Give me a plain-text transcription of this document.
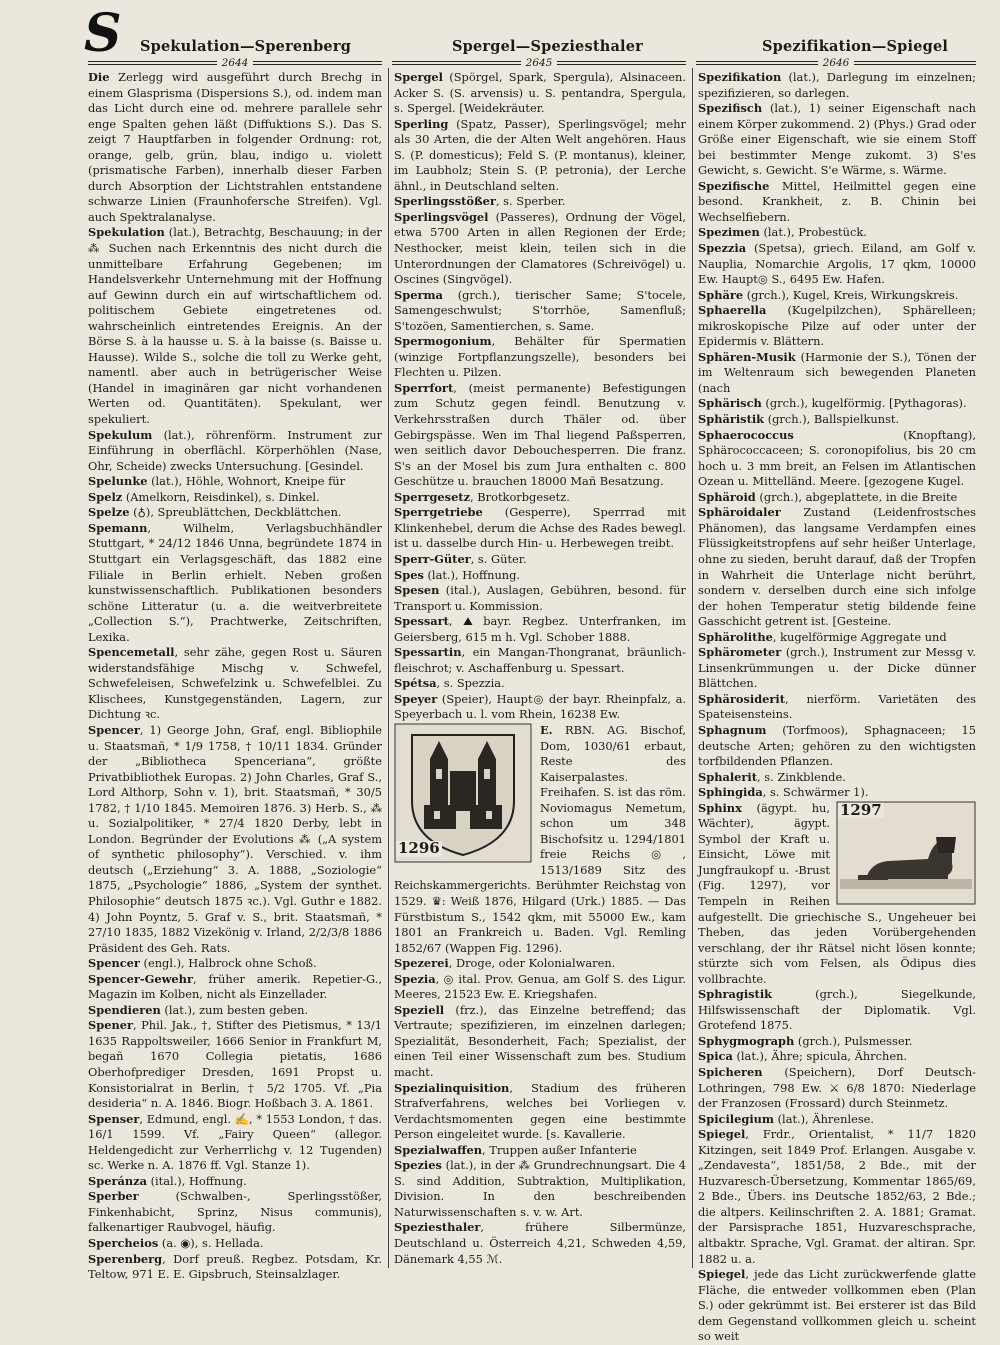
S Spekulation—Sperenberg	Spergel—Speziesthaler	Spezifikation—Spiegel
2644	2645	2646

Die Zerlegg wird ausgeführt durch Brechg in einem Glasprisma (Dispersions S.), od. indem man das Licht durch eine od. mehrere parallele sehr enge Spalten gehen läßt (Diffuktions S.). Das S. zeigt 7 Hauptfarben in folgender Ordnung: rot, orange, gelb, grün, blau, indigo u. violett (prismatische Farben), innerhalb dieser Farben durch Absorption der Lichtstrahlen entstandene schwarze Linien (Fraunhofersche Streifen). Vgl. auch Spektralanalyse.

Spekulation (lat.), Betrachtg, Beschauung; in der ⁂ Suchen nach Erkenntnis des nicht durch die unmittelbare Erfahrung Gegebenen; im Handelsverkehr Unternehmung mit der Hoffnung auf Gewinn durch ein auf wirtschaftlichem od. politischem Gebiete eingetretenes od. wahrscheinlich eintretendes Ereignis. An der Börse S. à la hausse u. S. à la baisse (s. Baisse u. Hausse). Wilde S., solche die toll zu Werke geht, namentl. aber auch in betrügerischer Weise (Handel in imaginären gar nicht vorhandenen Werten od. Quantitäten). Spekulant, wer spekuliert.

Spekulum (lat.), röhrenförm. Instrument zur Einführung in oberflächl. Körperhöhlen (Nase, Ohr, Scheide) zwecks Untersuchung. [Gesindel.

Spelunke (lat.), Höhle, Wohnort, Kneipe für

Spelz (Amelkorn, Reisdinkel), s. Dinkel.

Spelze (♁), Spreublättchen, Deckblättchen.

Spemann, Wilhelm, Verlagsbuchhändler Stuttgart, * 24/12 1846 Unna, begründete 1874 in Stuttgart ein Verlagsgeschäft, das 1882 eine Filiale in Berlin erhielt. Neben großen kunstwissenschaftlich. Publikationen besonders schöne Litteratur (u. a. die weitverbreitete „Collection S.“), Prachtwerke, Zeitschriften, Lexika.

Spencemetall, sehr zähe, gegen Rost u. Säuren widerstandsfähige Mischg v. Schwefel, Schwefeleisen, Schwefelzink u. Schwefelblei. Zu Klischees, Kunstgegenständen, Lagern, zur Dichtung ꝛc.

Spencer, 1) George John, Graf, engl. Bibliophile u. Staatsmañ, * 1/9 1758, † 10/11 1834. Gründer der „Bibliotheca Spenceriana“, größte Privatbibliothek Europas. 2) John Charles, Graf S., Lord Althorp, Sohn v. 1), brit. Staatsmañ, * 30/5 1782, † 1/10 1845. Memoiren 1876. 3) Herb. S., ⁂ u. Sozialpolitiker, * 27/4 1820 Derby, lebt in London. Begründer der Evolutions ⁂ („A system of synthetic philosophy“). Verschied. v. ihm deutsch („Erziehung“ 3. A. 1888, „Soziologie“ 1875, „Psychologie“ 1886, „System der synthet. Philosophie“ deutsch 1875 ꝛc.). Vgl. Guthr e 1882. 4) John Poyntz, 5. Graf v. S., brit. Staatsmañ, * 27/10 1835, 1882 Vizekönig v. Irland, 2/2/3/8 1886 Präsident des Geh. Rats.

Spencer (engl.), Halbrock ohne Schoß.

Spencer-Gewehr, früher amerik. Repetier-G., Magazin im Kolben, nicht als Einzellader.

Spendieren (lat.), zum besten geben.

Spener, Phil. Jak., †, Stifter des Pietismus, * 13/1 1635 Rappoltsweiler, 1666 Senior in Frankfurt M, begañ 1670 Collegia pietatis, 1686 Oberhofprediger Dresden, 1691 Propst u. Konsistorialrat in Berlin, † 5/2 1705. Vf. „Pia desideria“ n. A. 1846. Biogr. Hoßbach 3. A. 1861.

Spenser, Edmund, engl. ✍, * 1553 London, † das. 16/1 1599. Vf. „Fairy Queen“ (allegor. Heldengedicht zur Verherrlichg v. 12 Tugenden) sc. Werke n. A. 1876 ff. Vgl. Stanze 1).

Speránza (ital.), Hoffnung.

Sperber (Schwalben-, Sperlingsstößer, Finkenhabicht, Sprinz, Nisus communis), falkenartiger Raubvogel, häufig.

Spercheios (a. ◉), s. Hellada.

Sperenberg, Dorf preuß. Regbez. Potsdam, Kr. Teltow, 971 E. E. Gipsbruch, Steinsalzlager.

Spergel (Spörgel, Spark, Spergula), Alsinaceen. Acker S. (S. arvensis) u. S. pentandra, Spergula, s. Spergel. [Weidekräuter.

Sperling (Spatz, Passer), Sperlingsvögel; mehr als 30 Arten, die der Alten Welt angehören. Haus S. (P. domesticus); Feld S. (P. montanus), kleiner, im Laubholz; Stein S. (P. petronia), der Lerche ähnl., in Deutschland selten.

Sperlingsstößer, s. Sperber.

Sperlingsvögel (Passeres), Ordnung der Vögel, etwa 5700 Arten in allen Regionen der Erde; Nesthocker, meist klein, teilen sich in die Unterordnungen der Clamatores (Schreivögel) u. Oscines (Singvögel).

Sperma (grch.), tierischer Same; S'tocele, Samengeschwulst; S'torrhöe, Samenfluß; S'tozöen, Samentierchen, s. Same.

Spermogonium, Behälter für Spermatien (winzige Fortpflanzungszelle), besonders bei Flechten u. Pilzen.

Sperrfort, (meist permanente) Befestigungen zum Schutz gegen feindl. Benutzung v. Verkehrsstraßen durch Thäler od. über Gebirgspässe. Wen im Thal liegend Paßsperren, wen seitlich davor Debouchesperren. Die franz. S's an der Mosel bis zum Jura enthalten c. 800 Geschütze u. brauchen 18000 Mañ Besatzung.

Sperrgesetz, Brotkorbgesetz.

Sperrgetriebe (Gesperre), Sperrrad mit Klinkenhebel, derum die Achse des Rades bewegl. ist u. dasselbe durch Hin- u. Herbewegen treibt.

Sperr-Güter, s. Güter.

Spes (lat.), Hoffnung.

Spesen (ital.), Auslagen, Gebühren, besond. für Transport u. Kommission.

Spessart, ⛰ bayr. Regbez. Unterfranken, im Geiersberg, 615 m h. Vgl. Schober 1888.

Spessartin, ein Mangan-Thongranat, bräunlich-fleischrot; v. Aschaffenburg u. Spessart.

Spétsa, s. Spezzia.

Speyer (Speier), Haupt◎ der bayr. Rheinpfalz, a. Speyerbach u. l. vom Rhein, 16238 Ew.

1296

E. RBN. AG. Bischof, Dom, 1030/61 erbaut, Reste des Kaiserpalastes. Freihafen. S. ist das röm. Noviomagus Nemetum, schon um 348 Bischofsitz u. 1294/1801 freie Reichs◎, 1513/1689 Sitz des Reichskammergerichts. Berühmter Reichstag von 1529. ♛: Weiß 1876, Hilgard (Urk.) 1885. — Das Fürstbistum S., 1542 qkm, mit 55000 Ew., kam 1801 an Frankreich u. Baden. Vgl. Remling 1852/67 (Wappen Fig. 1296).

Spezerei, Droge, oder Kolonialwaren.

Spezia, ◎ ital. Prov. Genua, am Golf S. des Ligur. Meeres, 21523 Ew. E. Kriegshafen.

Speziell (frz.), das Einzelne betreffend; das Vertraute; spezifizieren, im einzelnen darlegen; Spezialität, Besonderheit, Fach; Spezialist, der einen Teil einer Wissenschaft zum bes. Studium macht.

Spezialinquisition, Stadium des früheren Strafverfahrens, welches bei Vorliegen v. Verdachtsmomenten gegen eine bestimmte Person eingeleitet wurde. [s. Kavallerie.

Spezialwaffen, Truppen außer Infanterie

Spezies (lat.), in der ⁂ Grundrechnungsart. Die 4 S. sind Addition, Subtraktion, Multiplikation, Division. In den beschreibenden Naturwissenschaften s. v. w. Art.

Speziesthaler, frühere Silbermünze, Deutschland u. Österreich 4,21, Schweden 4,59, Dänemark 4,55 ℳ.

Spezifikation (lat.), Darlegung im einzelnen; spezifizieren, so darlegen.

Spezifisch (lat.), 1) seiner Eigenschaft nach einem Körper zukommend. 2) (Phys.) Grad oder Größe einer Eigenschaft, wie sie einem Stoff bei bestimmter Menge zukomt. 3) S'es Gewicht, s. Gewicht. S'e Wärme, s. Wärme.

Spezifische Mittel, Heilmittel gegen eine besond. Krankheit, z. B. Chinin bei Wechselfiebern.

Spezimen (lat.), Probestück.

Spezzia (Spetsa), griech. Eiland, am Golf v. Nauplia, Nomarchie Argolis, 17 qkm, 10000 Ew. Haupt◎ S., 6495 Ew. Hafen.

Sphäre (grch.), Kugel, Kreis, Wirkungskreis.

Sphaerella (Kugelpilzchen), Sphärelleen; mikroskopische Pilze auf oder unter der Epidermis v. Blättern.

Sphären-Musik (Harmonie der S.), Tönen der im Weltenraum sich bewegenden Planeten (nach

Sphärisch (grch.), kugelförmig. [Pythagoras).

Sphäristik (grch.), Ballspielkunst.

Sphaerococcus (Knopftang), Sphärococcaceen; S. coronopifolius, bis 20 cm hoch u. 3 mm breit, an Felsen im Atlantischen Ozean u. Mittelländ. Meere. [gezogene Kugel.

Sphäroid (grch.), abgeplattete, in die Breite

Sphäroidaler Zustand (Leidenfrostsches Phänomen), das langsame Verdampfen eines Flüssigkeitstropfens auf sehr heißer Unterlage, ohne zu sieden, beruht darauf, daß der Tropfen in Wahrheit die Unterlage nicht berührt, sondern v. derselben durch eine sich infolge der hohen Temperatur stetig bildende feine Gasschicht getrent ist. [Gesteine.

Sphärolithe, kugelförmige Aggregate und

Sphärometer (grch.), Instrument zur Messg v. Linsenkrümmungen u. der Dicke dünner Blättchen.

Sphärosiderit, nierförm. Varietäten des Spateisensteins.

Sphagnum (Torfmoos), Sphagnaceen; 15 deutsche Arten; gehören zu den wichtigsten torfbildenden Pflanzen.

Sphalerit, s. Zinkblende.

Sphingida, s. Schwärmer 1).

1297

Sphinx (ägypt. hu, Wächter), ägypt. Symbol der Kraft u. Einsicht, Löwe mit Jungfraukopf u. -Brust (Fig. 1297), vor Tempeln in Reihen aufgestellt. Die griechische S., Ungeheuer bei Theben, das jeden Vorübergehenden verschlang, der ihr Rätsel nicht lösen konnte; stürzte sich vom Felsen, als Ödipus dies vollbrachte.

Sphragistik (grch.), Siegelkunde, Hilfswissenschaft der Diplomatik. Vgl. Grotefend 1875.

Sphygmograph (grch.), Pulsmesser.

Spica (lat.), Ähre; spicula, Ährchen.

Spicheren (Speichern), Dorf Deutsch-Lothringen, 798 Ew. ⚔ 6/8 1870: Niederlage der Franzosen (Frossard) durch Steinmetz.

Spicilegium (lat.), Ährenlese.

Spiegel, Frdr., Orientalist, * 11/7 1820 Kitzingen, seit 1849 Prof. Erlangen. Ausgabe v. „Zendavesta“, 1851/58, 2 Bde., mit der Huzvaresch-Übersetzung, Kommentar 1865/69, 2 Bde., Übers. ins Deutsche 1852/63, 2 Bde.; die altpers. Keilinschriften 2. A. 1881; Gramat. der Parsisprache 1851, Huzvareschsprache, altbaktr. Sprache, Vgl. Gramat. der altiran. Spr. 1882 u. a.

Spiegel, jede das Licht zurückwerfende glatte Fläche, die entweder vollkommen eben (Plan S.) oder gekrümmt ist. Bei ersterer ist das Bild dem Gegenstand vollkommen gleich u. scheint so weit
